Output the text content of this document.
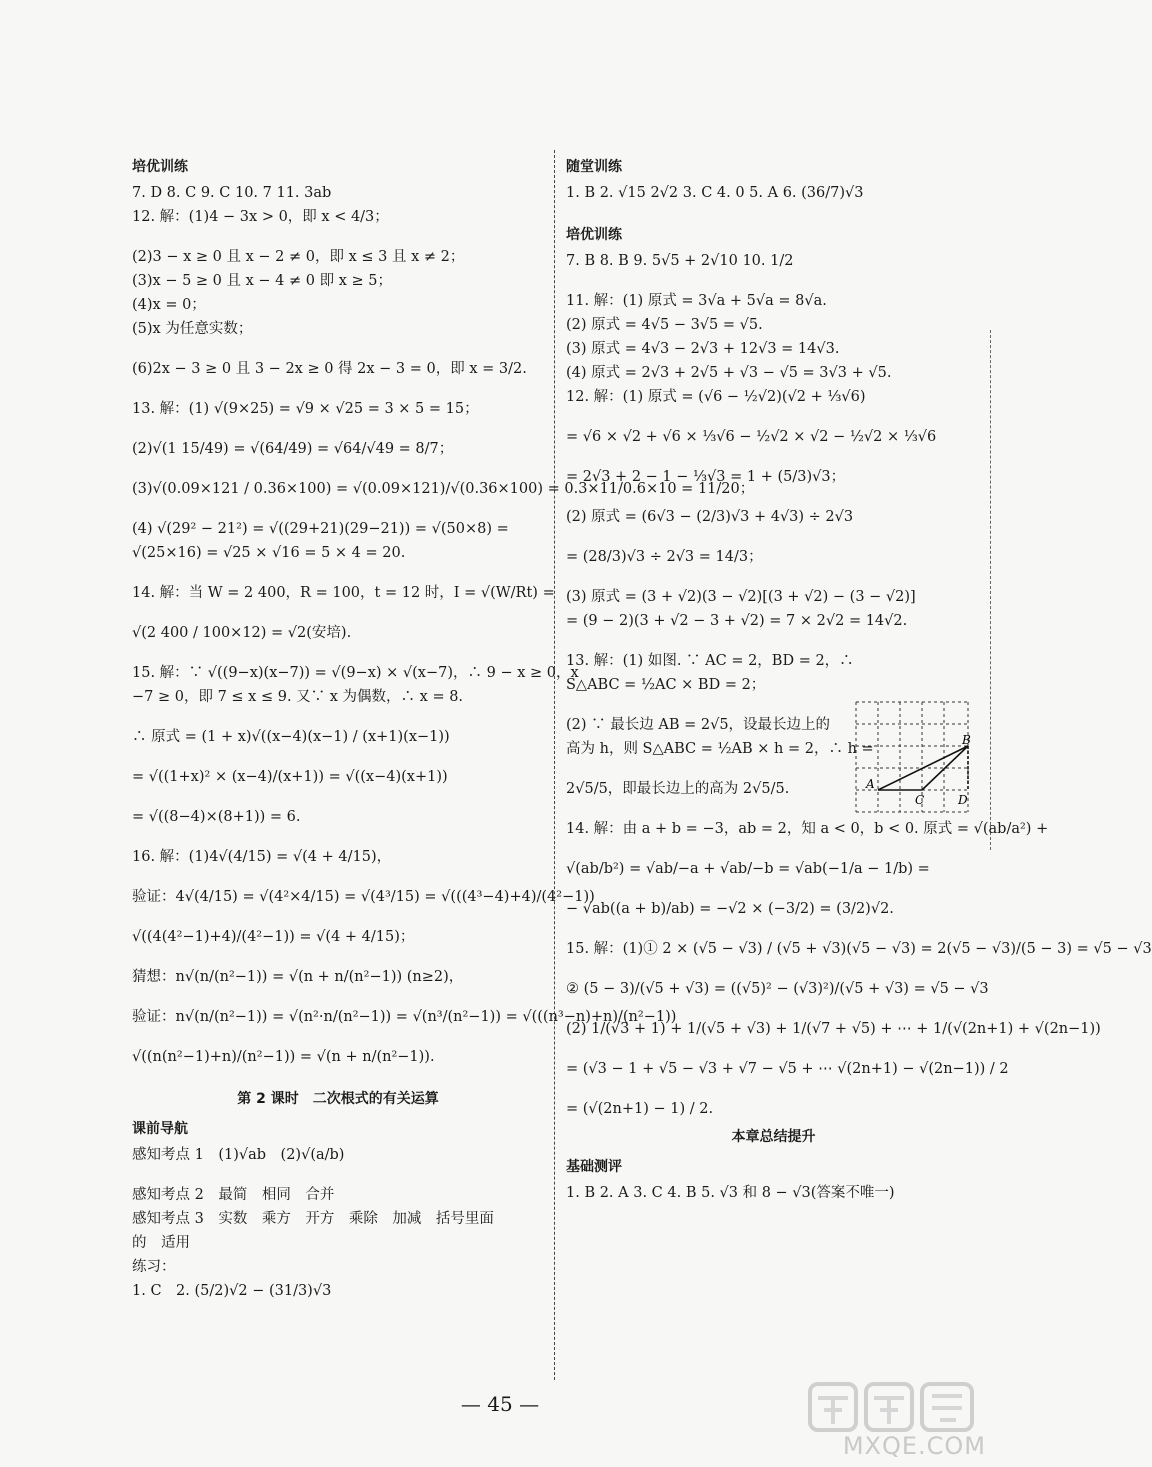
培优训练
7. D 8. C 9. C 10. 7 11. 3ab
12. 解：(1)4 − 3x > 0，即 x < 4/3；
(2)3 − x ≥ 0 且 x − 2 ≠ 0，即 x ≤ 3 且 x ≠ 2；
(3)x − 5 ≥ 0 且 x − 4 ≠ 0 即 x ≥ 5；
(4)x = 0；
(5)x 为任意实数；
(6)2x − 3 ≥ 0 且 3 − 2x ≥ 0 得 2x − 3 = 0，即 x = 3/2.
13. 解：(1) √(9×25) = √9 × √25 = 3 × 5 = 15；
(2)√(1 15/49) = √(64/49) = √64/√49 = 8/7；
(3)√(0.09×121 / 0.36×100) = √(0.09×121)/√(0.36×100) = 0.3×11/0.6×10 = 11/20；
(4) √(29² − 21²) = √((29+21)(29−21)) = √(50×8) =
√(25×16) = √25 × √16 = 5 × 4 = 20.
14. 解：当 W = 2 400，R = 100，t = 12 时，I = √(W/Rt) =
√(2 400 / 100×12) = √2(安培).
15. 解：∵ √((9−x)(x−7)) = √(9−x) × √(x−7)，∴ 9 − x ≥ 0，x
−7 ≥ 0，即 7 ≤ x ≤ 9. 又∵ x 为偶数，∴ x = 8.
∴ 原式 = (1 + x)√((x−4)(x−1) / (x+1)(x−1))
= √((1+x)² × (x−4)/(x+1)) = √((x−4)(x+1))
= √((8−4)×(8+1)) = 6.
16. 解：(1)4√(4/15) = √(4 + 4/15)，
验证：4√(4/15) = √(4²×4/15) = √(4³/15) = √(((4³−4)+4)/(4²−1))
√((4(4²−1)+4)/(4²−1)) = √(4 + 4/15)；
猜想：n√(n/(n²−1)) = √(n + n/(n²−1)) (n≥2)，
验证：n√(n/(n²−1)) = √(n²·n/(n²−1)) = √(n³/(n²−1)) = √(((n³−n)+n)/(n²−1))
√((n(n²−1)+n)/(n²−1)) = √(n + n/(n²−1)).
第 2 课时　二次根式的有关运算
课前导航
感知考点 1　(1)√ab　(2)√(a/b)
感知考点 2　最简　相同　合并
感知考点 3　实数　乘方　开方　乘除　加减　括号里面
的　适用
练习：
1. C　2. (5/2)√2 − (31/3)√3
随堂训练
1. B 2. √15 2√2 3. C 4. 0 5. A 6. (36/7)√3
培优训练
7. B 8. B 9. 5√5 + 2√10 10. 1/2
11. 解：(1) 原式 = 3√a + 5√a = 8√a.
(2) 原式 = 4√5 − 3√5 = √5.
(3) 原式 = 4√3 − 2√3 + 12√3 = 14√3.
(4) 原式 = 2√3 + 2√5 + √3 − √5 = 3√3 + √5.
12. 解：(1) 原式 = (√6 − ½√2)(√2 + ⅓√6)
= √6 × √2 + √6 × ⅓√6 − ½√2 × √2 − ½√2 × ⅓√6
= 2√3 + 2 − 1 − ⅓√3 = 1 + (5/3)√3；
(2) 原式 = (6√3 − (2/3)√3 + 4√3) ÷ 2√3
= (28/3)√3 ÷ 2√3 = 14/3；
(3) 原式 = (3 + √2)(3 − √2)[(3 + √2) − (3 − √2)]
= (9 − 2)(3 + √2 − 3 + √2) = 7 × 2√2 = 14√2.
13. 解：(1) 如图. ∵ AC = 2，BD = 2，∴
S△ABC = ½AC × BD = 2；
(2) ∵ 最长边 AB = 2√5，设最长边上的
高为 h，则 S△ABC = ½AB × h = 2，∴ h =
2√5/5，即最长边上的高为 2√5/5.
14. 解：由 a + b = −3，ab = 2，知 a < 0，b < 0. 原式 = √(ab/a²) +
√(ab/b²) = √ab/−a + √ab/−b = √ab(−1/a − 1/b) =
− √ab((a + b)/ab) = −√2 × (−3/2) = (3/2)√2.
15. 解：(1)① 2 × (√5 − √3) / (√5 + √3)(√5 − √3) = 2(√5 − √3)/(5 − 3) = √5 − √3
② (5 − 3)/(√5 + √3) = ((√5)² − (√3)²)/(√5 + √3) = √5 − √3
(2) 1/(√3 + 1) + 1/(√5 + √3) + 1/(√7 + √5) + ⋯ + 1/(√(2n+1) + √(2n−1))
= (√3 − 1 + √5 − √3 + √7 − √5 + ⋯ √(2n+1) − √(2n−1)) / 2
= (√(2n+1) − 1) / 2.
本章总结提升
基础测评
1. B 2. A 3. C 4. B 5. √3 和 8 − √3(答案不唯一)
A
B
C	D
— 45 —
MXQE.COM
